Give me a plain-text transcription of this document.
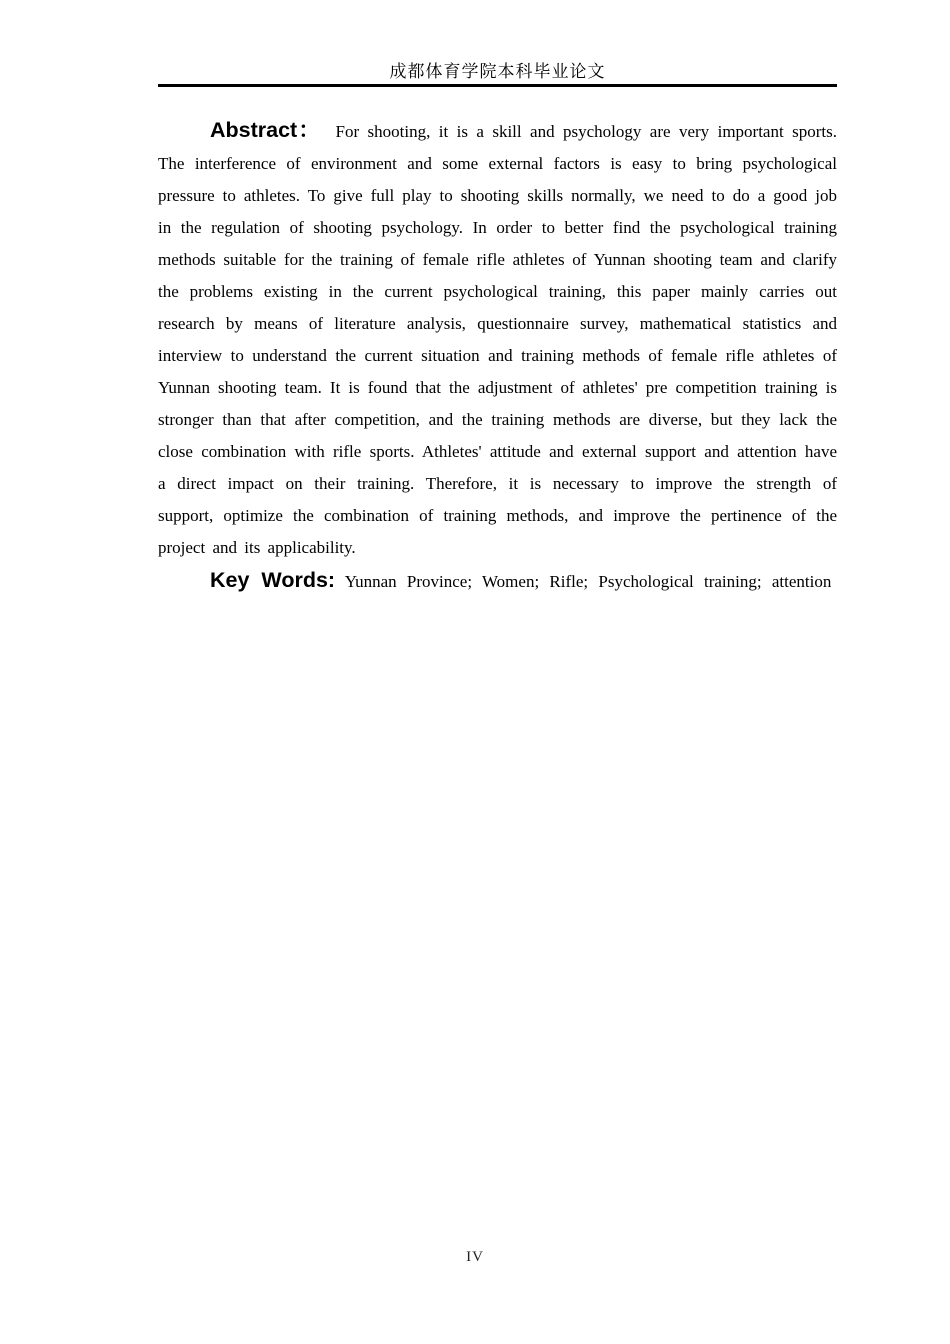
成都体育学院本科毕业论文

Abstract： For shooting, it is a skill and psychology are very important sports. The interference of environment and some external factors is easy to bring psychological pressure to athletes. To give full play to shooting skills normally, we need to do a good job in the regulation of shooting psychology. In order to better find the psychological training methods suitable for the training of female rifle athletes of Yunnan shooting team and clarify the problems existing in the current psychological training, this paper mainly carries out research by means of literature analysis, questionnaire survey, mathematical statistics and interview to understand the current situation and training methods of female rifle athletes of Yunnan shooting team. It is found that the adjustment of athletes' pre competition training is stronger than that after competition, and the training methods are diverse, but they lack the close combination with rifle sports. Athletes' attitude and external support and attention have a direct impact on their training. Therefore, it is necessary to improve the strength of support, optimize the combination of training methods, and improve the pertinence of the project and its applicability.

Key Words: Yunnan Province; Women; Rifle; Psychological training; attention

IV
